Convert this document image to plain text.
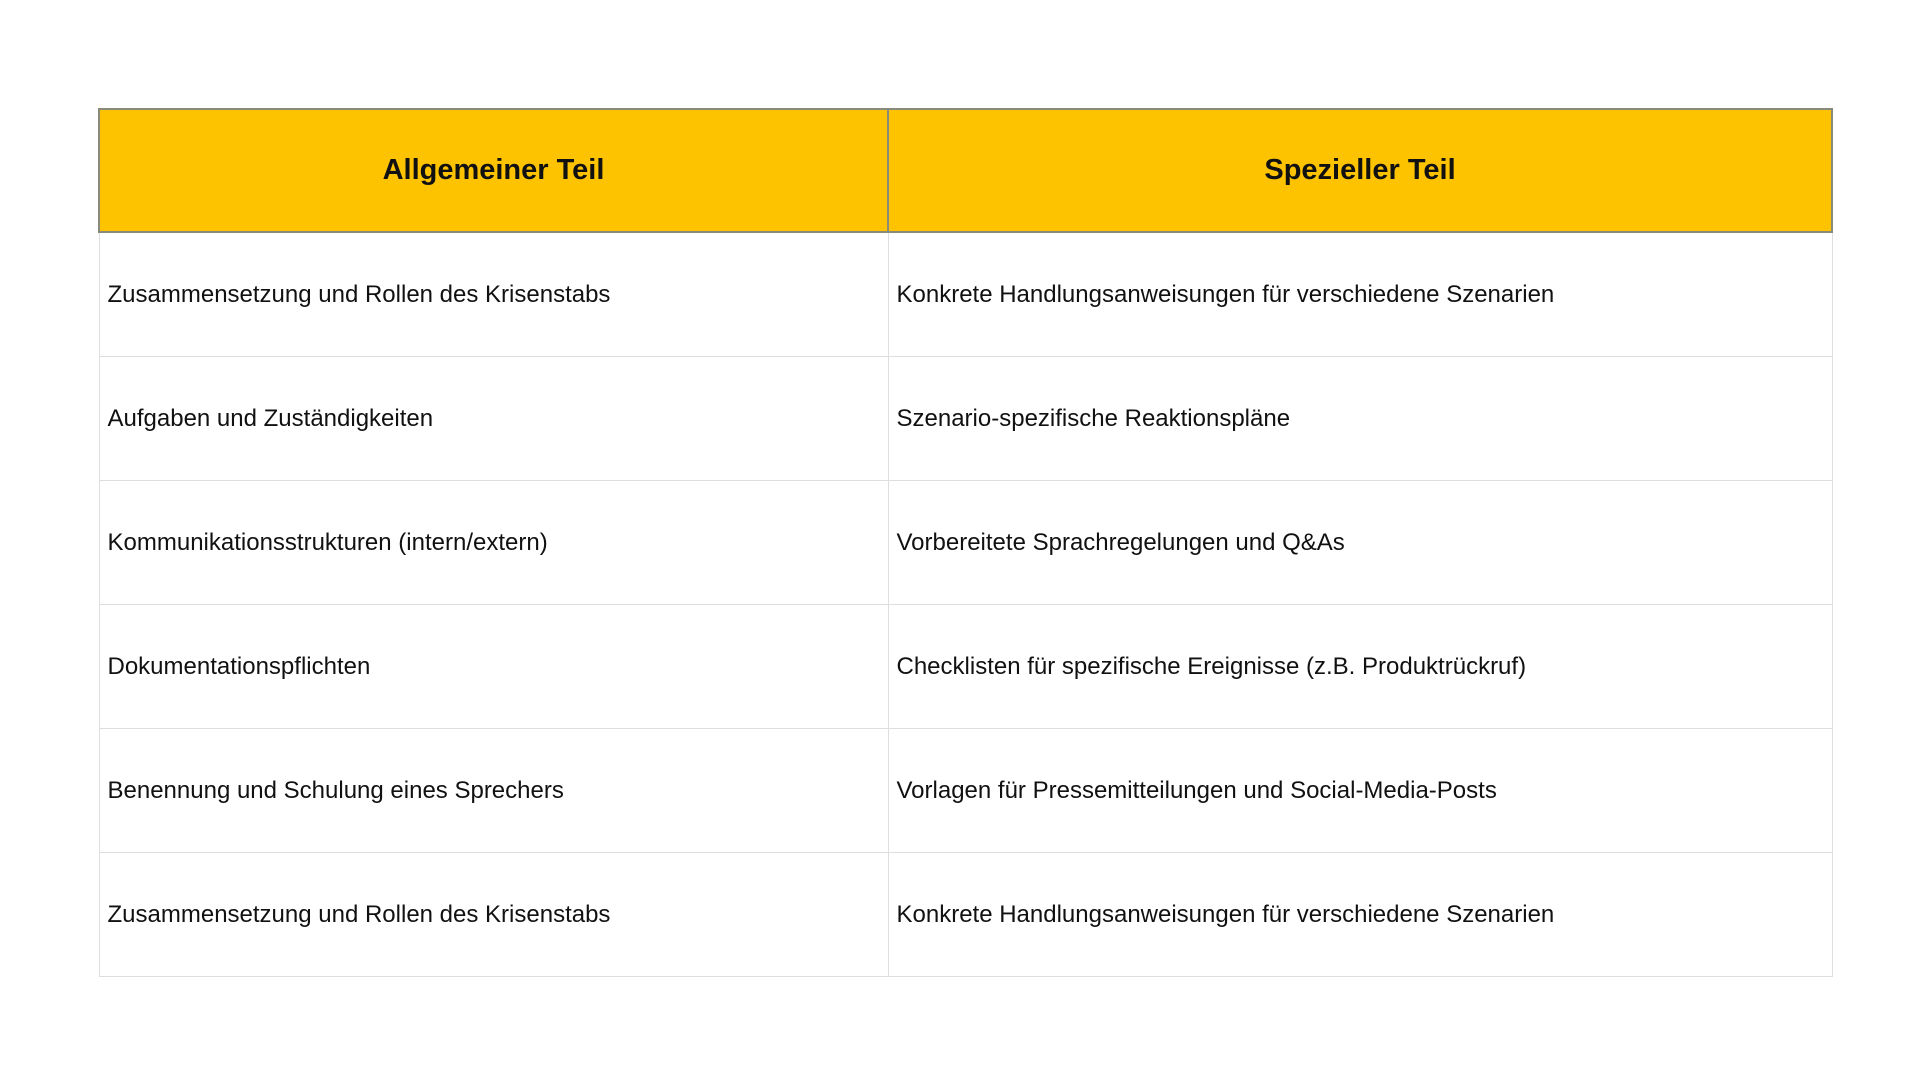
Allgemeiner Teil	Spezieller Teil
Zusammensetzung und Rollen des Krisenstabs	Konkrete Handlungsanweisungen für verschiedene Szenarien
Aufgaben und Zuständigkeiten	Szenario-spezifische Reaktionspläne
Kommunikationsstrukturen (intern/extern)	Vorbereitete Sprachregelungen und Q&As
Dokumentationspflichten	Checklisten für spezifische Ereignisse (z.B. Produktrückruf)
Benennung und Schulung eines Sprechers	Vorlagen für Pressemitteilungen und Social-Media-Posts
Zusammensetzung und Rollen des Krisenstabs	Konkrete Handlungsanweisungen für verschiedene Szenarien
